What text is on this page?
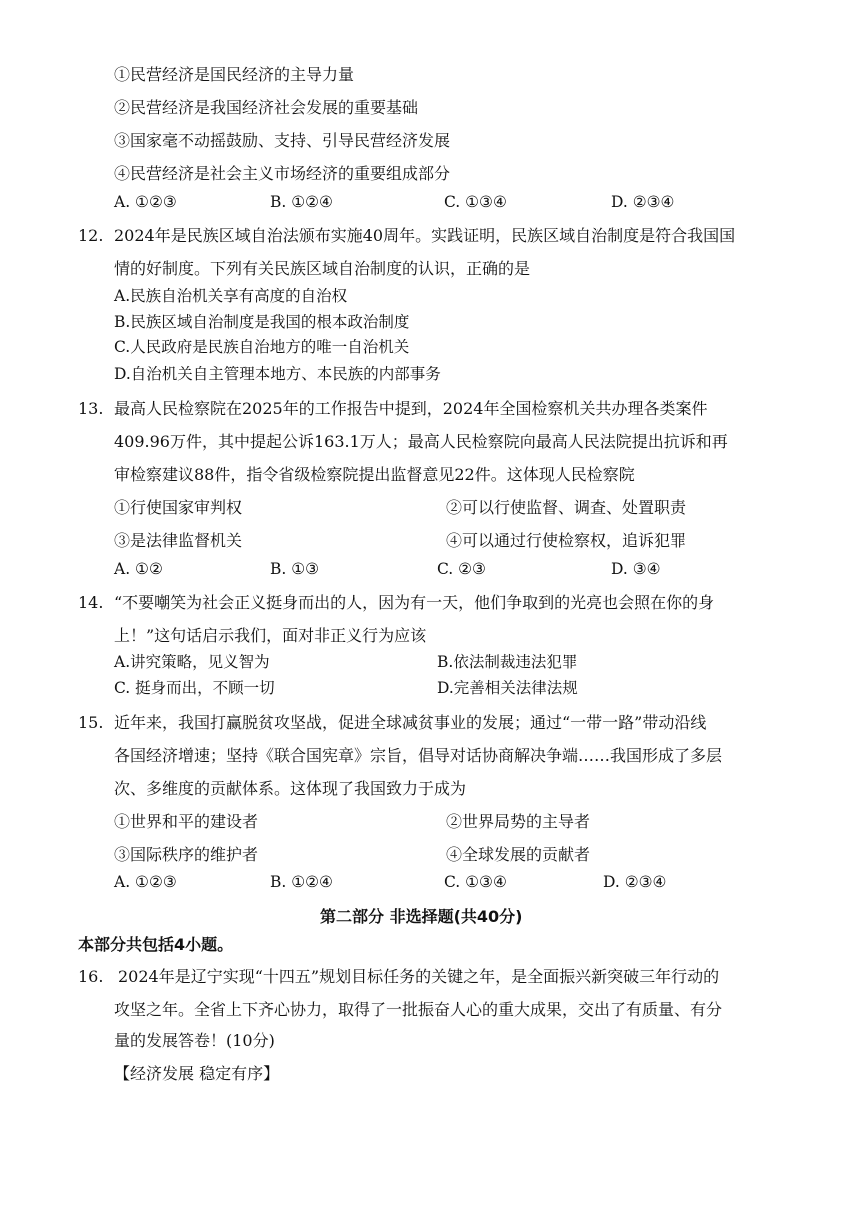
①民营经济是国民经济的主导力量
②民营经济是我国经济社会发展的重要基础
③国家毫不动摇鼓励、支持、引导民营经济发展
④民营经济是社会主义市场经济的重要组成部分
A. ①②③	B. ①②④	C. ①③④	D. ②③④
12. 2024年是民族区域自治法颁布实施40周年。实践证明，民族区域自治制度是符合我国国
情的好制度。下列有关民族区域自治制度的认识，正确的是
A.民族自治机关享有高度的自治权
B.民族区域自治制度是我国的根本政治制度
C.人民政府是民族自治地方的唯一自治机关
D.自治机关自主管理本地方、本民族的内部事务
13. 最高人民检察院在2025年的工作报告中提到，2024年全国检察机关共办理各类案件
409.96万件，其中提起公诉163.1万人；最高人民检察院向最高人民法院提出抗诉和再
审检察建议88件，指令省级检察院提出监督意见22件。这体现人民检察院
①行使国家审判权	②可以行使监督、调查、处置职责
③是法律监督机关	④可以通过行使检察权，追诉犯罪
A. ①②	B. ①③	C. ②③	D. ③④
14. “不要嘲笑为社会正义挺身而出的人，因为有一天，他们争取到的光亮也会照在你的身
上！”这句话启示我们，面对非正义行为应该
A.讲究策略，见义智为	B.依法制裁违法犯罪
C. 挺身而出，不顾一切	D.完善相关法律法规
15. 近年来，我国打赢脱贫攻坚战，促进全球减贫事业的发展；通过“一带一路”带动沿线
各国经济增速；坚持《联合国宪章》宗旨，倡导对话协商解决争端……我国形成了多层
次、多维度的贡献体系。这体现了我国致力于成为
①世界和平的建设者	②世界局势的主导者
③国际秩序的维护者	④全球发展的贡献者
A. ①②③	B. ①②④	C. ①③④	D. ②③④
第二部分 非选择题(共40分)
本部分共包括4小题。
16. 2024年是辽宁实现“十四五”规划目标任务的关键之年，是全面振兴新突破三年行动的
攻坚之年。全省上下齐心协力，取得了一批振奋人心的重大成果，交出了有质量、有分
量的发展答卷！(10分)
【经济发展 稳定有序】
